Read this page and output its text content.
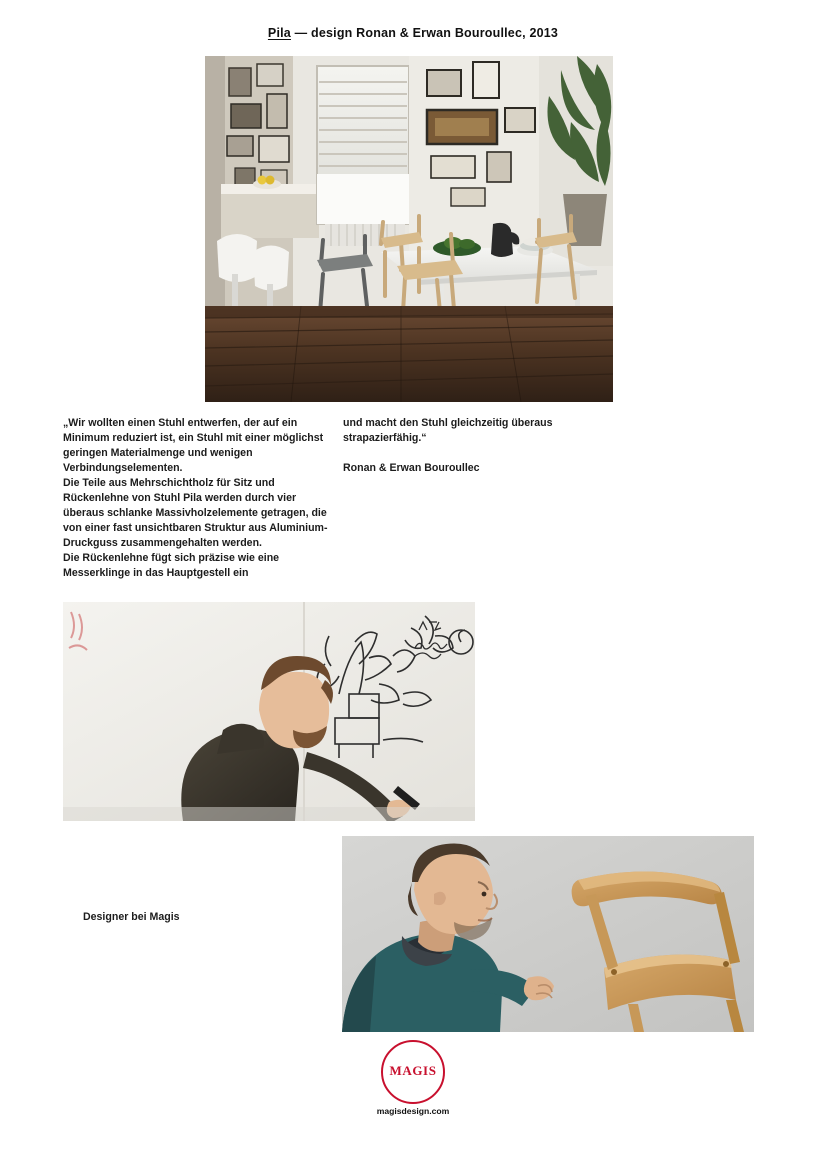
Pila — design Ronan & Erwan Bouroullec, 2013

„Wir wollten einen Stuhl entwerfen, der auf ein Minimum reduziert ist, ein Stuhl mit einer möglichst geringen Materialmenge und wenigen Verbindungselementen.

Die Teile aus Mehrschichtholz für Sitz und Rückenlehne von Stuhl Pila werden durch vier überaus schlanke Massivholzelemente getragen, die von einer fast unsichtbaren Struktur aus Aluminium-Druckguss zusammengehalten werden.

Die Rückenlehne fügt sich präzise wie eine Messerklinge in das Hauptgestell ein

und macht den Stuhl gleichzeitig überaus strapazierfähig.“

Ronan & Erwan Bouroullec

Designer bei Magis
MAGIS
magisdesign.com
